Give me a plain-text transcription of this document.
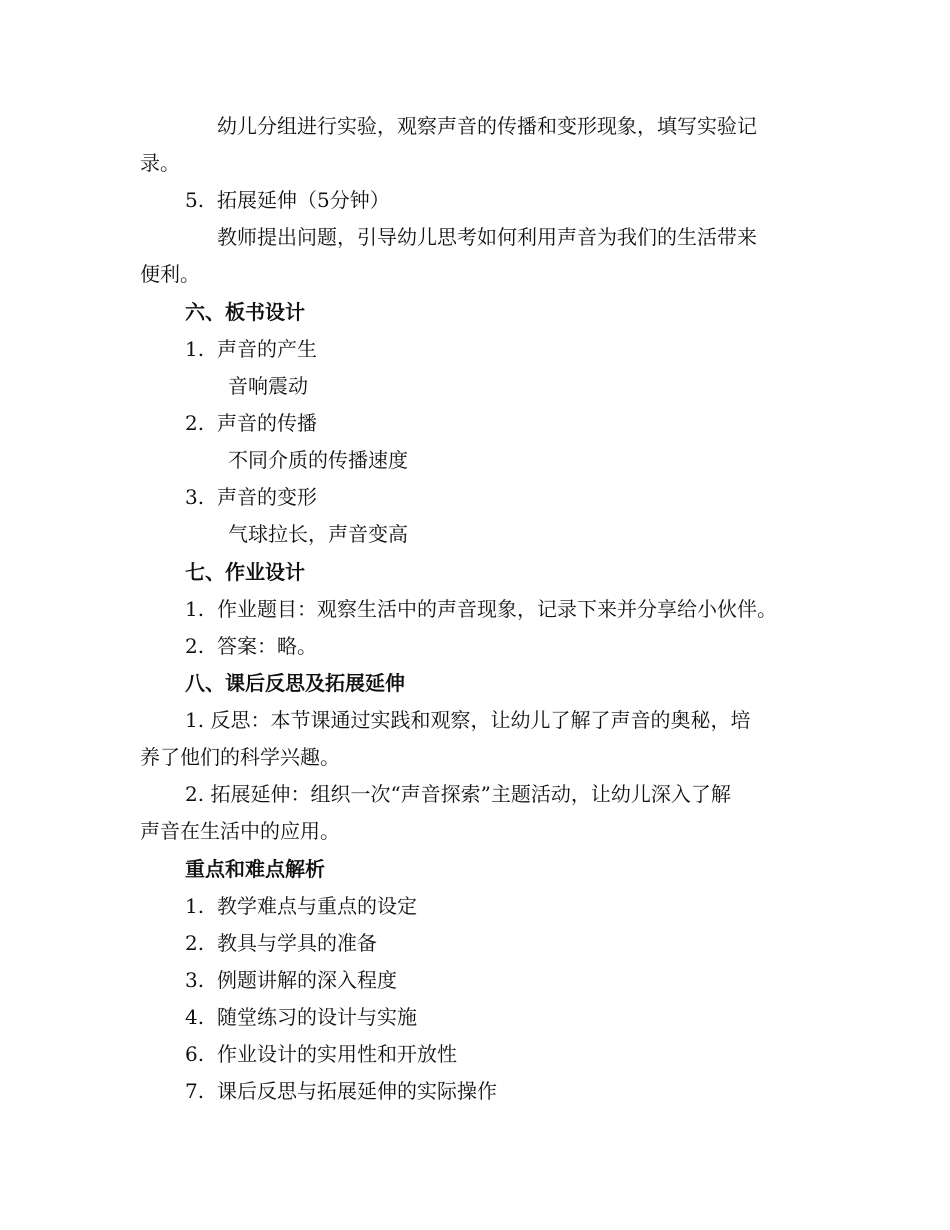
幼儿分组进行实验，观察声音的传播和变形现象，填写实验记
录。
5. 拓展延伸（5分钟）
教师提出问题，引导幼儿思考如何利用声音为我们的生活带来
便利。
六、板书设计
1. 声音的产生
音响震动
2. 声音的传播
不同介质的传播速度
3. 声音的变形
气球拉长，声音变高
七、作业设计
1. 作业题目：观察生活中的声音现象，记录下来并分享给小伙伴。
2. 答案：略。
八、课后反思及拓展延伸
1. 反思：本节课通过实践和观察，让幼儿了解了声音的奥秘，培
养了他们的科学兴趣。
2. 拓展延伸：组织一次“声音探索”主题活动，让幼儿深入了解
声音在生活中的应用。
重点和难点解析
1. 教学难点与重点的设定
2. 教具与学具的准备
3. 例题讲解的深入程度
4. 随堂练习的设计与实施
6. 作业设计的实用性和开放性
7. 课后反思与拓展延伸的实际操作
